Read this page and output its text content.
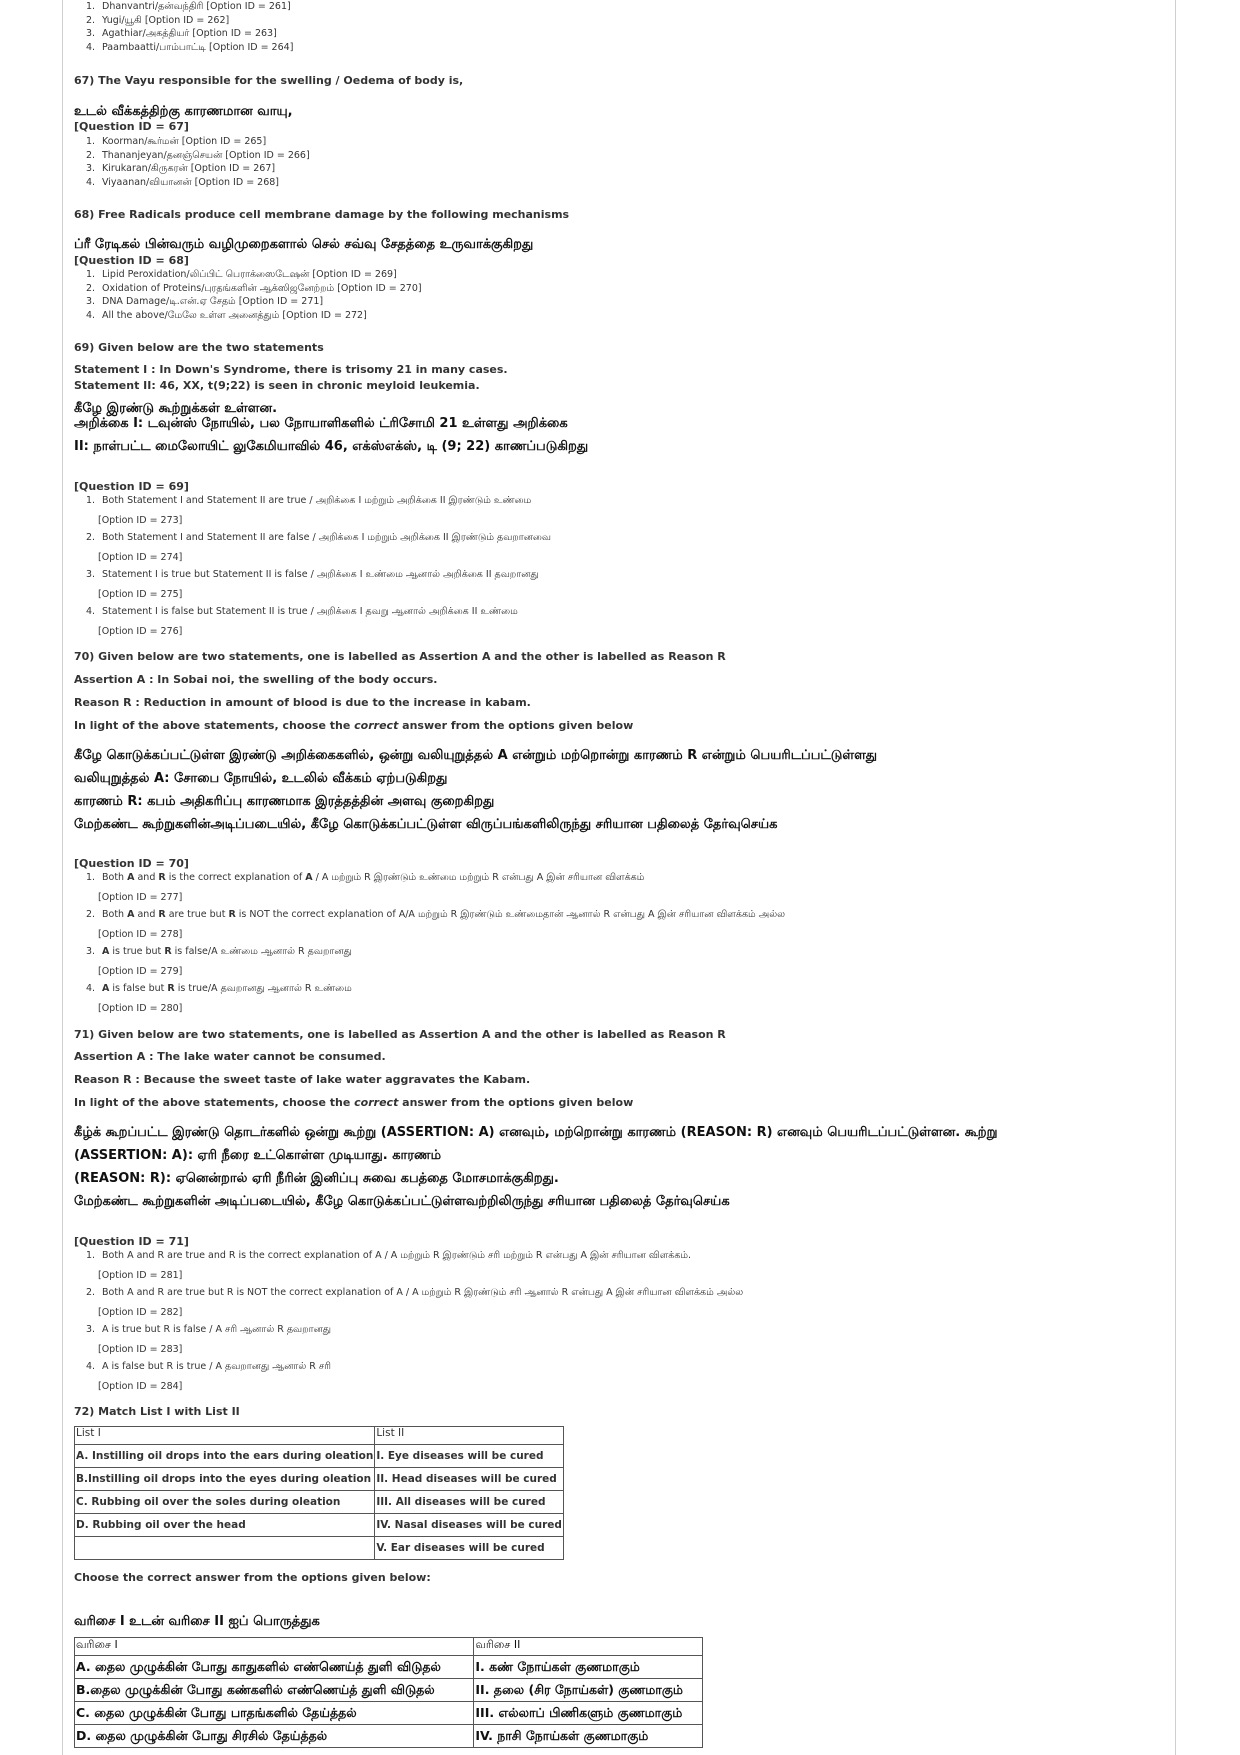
1. Dhanvantri/தன்வந்திரி [Option ID = 261]
2. Yugi/யூகி [Option ID = 262]
3. Agathiar/அகத்தியர் [Option ID = 263]
4. Paambaatti/பாம்பாட்டி [Option ID = 264]

67) The Vayu responsible for the swelling / Oedema of body is,

உடல் வீக்கத்திற்கு காரணமான வாயு,

[Question ID = 67]

1. Koorman/கூர்மன் [Option ID = 265]
2. Thananjeyan/தனஞ்செயன் [Option ID = 266]
3. Kirukaran/கிருகரன் [Option ID = 267]
4. Viyaanan/வியானன் [Option ID = 268]

68) Free Radicals produce cell membrane damage by the following mechanisms

ப்ரீ ரேடிகல் பின்வரும் வழிமுறைகளால் செல் சவ்வு சேதத்தை உருவாக்குகிறது

[Question ID = 68]

1. Lipid Peroxidation/லிப்பிட் பெராக்ஸைடேஷன் [Option ID = 269]
2. Oxidation of Proteins/புரதங்களின் ஆக்ஸிஜனேற்றம் [Option ID = 270]
3. DNA Damage/டி.என்.ஏ சேதம் [Option ID = 271]
4. All the above/மேலே உள்ள அனைத்தும் [Option ID = 272]

69) Given below are the two statements

Statement I : In Down's Syndrome, there is trisomy 21 in many cases.

Statement II: 46, XX, t(9;22) is seen in chronic meyloid leukemia.

கீழே இரண்டு கூற்றுக்கள் உள்ளன.

அறிக்கை I: டவுன்ஸ் நோயில், பல நோயாளிகளில் ட்ரிசோமி 21 உள்ளது அறிக்கை

II: நாள்பட்ட மைலோயிட் லுகேமியாவில் 46, எக்ஸ்எக்ஸ், டி (9; 22) காணப்படுகிறது

[Question ID = 69]

1. Both Statement I and Statement II are true / அறிக்கை I மற்றும் அறிக்கை II இரண்டும் உண்மை
[Option ID = 273]
2. Both Statement I and Statement II are false / அறிக்கை I மற்றும் அறிக்கை II இரண்டும் தவறானவை
[Option ID = 274]
3. Statement I is true but Statement II is false / அறிக்கை I உண்மை ஆனால் அறிக்கை II தவறானது
[Option ID = 275]
4. Statement I is false but Statement II is true / அறிக்கை I தவறு ஆனால் அறிக்கை II உண்மை
[Option ID = 276]

70) Given below are two statements, one is labelled as Assertion A and the other is labelled as Reason R

Assertion A : In Sobai noi, the swelling of the body occurs.

Reason R : Reduction in amount of blood is due to the increase in kabam.

In light of the above statements, choose the correct answer from the options given below

கீழே கொடுக்கப்பட்டுள்ள இரண்டு அறிக்கைகளில், ஒன்று வலியுறுத்தல் A என்றும் மற்றொன்று காரணம் R என்றும் பெயரிடப்பட்டுள்ளது

வலியுறுத்தல் A: சோபை நோயில், உடலில் வீக்கம் ஏற்படுகிறது

காரணம் R: கபம் அதிகரிப்பு காரணமாக இரத்தத்தின் அளவு குறைகிறது

மேற்கண்ட கூற்றுகளின்அடிப்படையில், கீழே கொடுக்கப்பட்டுள்ள விருப்பங்களிலிருந்து சரியான பதிலைத் தேர்வுசெய்க

[Question ID = 70]

1. Both A and R is the correct explanation of A / A மற்றும் R இரண்டும் உண்மை மற்றும் R என்பது A இன் சரியான விளக்கம்
[Option ID = 277]
2. Both A and R are true but R is NOT the correct explanation of A/A மற்றும் R இரண்டும் உண்மைதான் ஆனால் R என்பது A இன் சரியான விளக்கம் அல்ல
[Option ID = 278]
3. A is true but R is false/A உண்மை ஆனால் R தவறானது
[Option ID = 279]
4. A is false but R is true/A தவறானது ஆனால் R உண்மை
[Option ID = 280]

71) Given below are two statements, one is labelled as Assertion A and the other is labelled as Reason R

Assertion A : The lake water cannot be consumed.

Reason R : Because the sweet taste of lake water aggravates the Kabam.

In light of the above statements, choose the correct answer from the options given below

கீழ்க் கூறப்பட்ட இரண்டு தொடர்களில் ஒன்று கூற்று (ASSERTION: A) எனவும், மற்றொன்று காரணம் (REASON: R) எனவும் பெயரிடப்பட்டுள்ளன. கூற்று

(ASSERTION: A): ஏரி நீரை உட்கொள்ள முடியாது. காரணம்

(REASON: R): ஏனென்றால் ஏரி நீரின் இனிப்பு சுவை கபத்தை மோசமாக்குகிறது.

மேற்கண்ட கூற்றுகளின் அடிப்படையில், கீழே கொடுக்கப்பட்டுள்ளவற்றிலிருந்து சரியான பதிலைத் தேர்வுசெய்க

[Question ID = 71]

1. Both A and R are true and R is the correct explanation of A / A மற்றும் R இரண்டும் சரி மற்றும் R என்பது A இன் சரியான விளக்கம்.
[Option ID = 281]
2. Both A and R are true but R is NOT the correct explanation of A / A மற்றும் R இரண்டும் சரி ஆனால் R என்பது A இன் சரியான விளக்கம் அல்ல
[Option ID = 282]
3. A is true but R is false / A சரி ஆனால் R தவறானது
[Option ID = 283]
4. A is false but R is true / A தவறானது ஆனால் R சரி
[Option ID = 284]

72) Match List I with List II

List I	List II
A. Instilling oil drops into the ears during oleation	I. Eye diseases will be cured
B.Instilling oil drops into the eyes during oleation	II. Head diseases will be cured
C. Rubbing oil over the soles during oleation	III. All diseases will be cured
D. Rubbing oil over the head	IV. Nasal diseases will be cured
	V. Ear diseases will be cured

Choose the correct answer from the options given below:

வரிசை I உடன் வரிசை II ஐப் பொருத்துக

வரிசை I	வரிசை II
A. தைல முழுக்கின் போது காதுகளில் எண்ணெய்த் துளி விடுதல்	I. கண் நோய்கள் குணமாகும்
B.தைல முழுக்கின் போது கண்களில் எண்ணெய்த் துளி விடுதல்	II. தலை (சிர நோய்கள்) குணமாகும்
C. தைல முழுக்கின் போது பாதங்களில் தேய்த்தல்	III. எல்லாப் பிணிகளும் குணமாகும்
D. தைல முழுக்கின் போது சிரசில் தேய்த்தல்	IV. நாசி நோய்கள் குணமாகும்
